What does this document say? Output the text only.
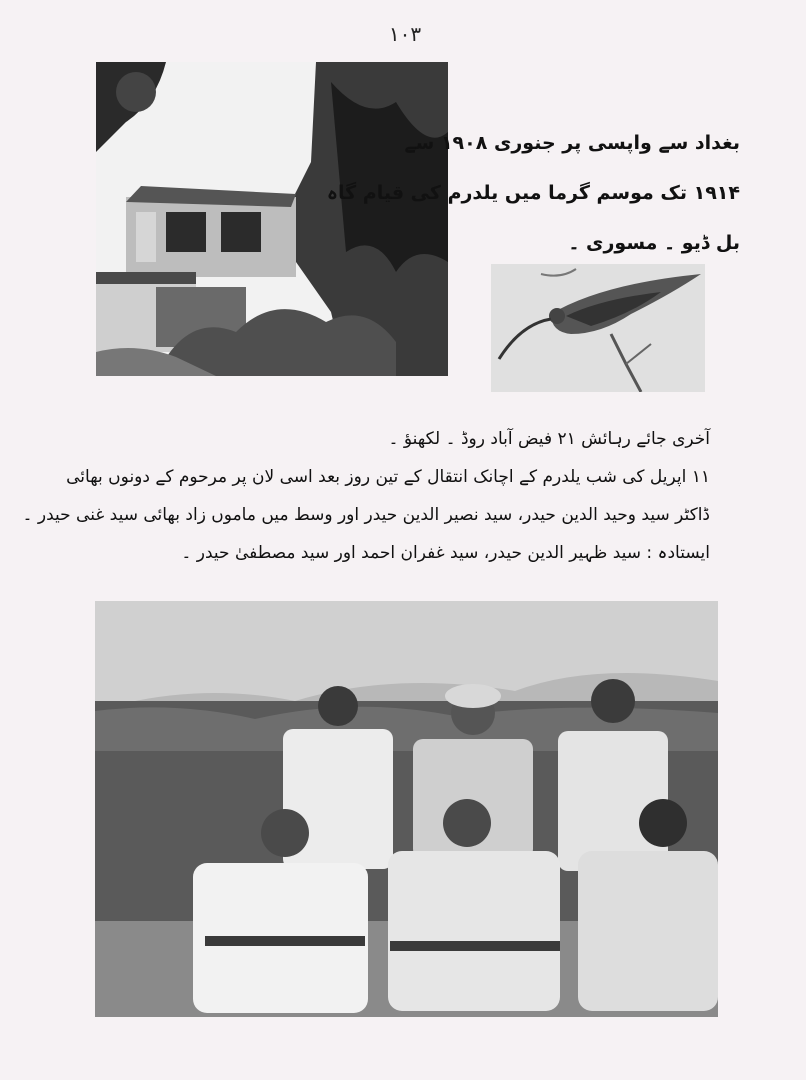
۱۰۳
بغداد سے واپسی پر جنوری ۱۹۰۸ سے
۱۹۱۴ تک موسم گرما میں یلدرم کی قیام گاہ
بل ڈیو ۔ مسوری ۔
آخری جائے رہائش ۲۱ فیض آباد روڈ ۔ لکھنؤ ۔
۱۱ اپریل کی شب یلدرم کے اچانک انتقال کے تین روز بعد اسی لان پر مرحوم کے دونوں بھائی
ڈاکٹر سید وحید الدین حیدر، سید نصیر الدین حیدر اور وسط میں ماموں زاد بھائی سید غنی حیدر ۔
ایستادہ : سید ظہیر الدین حیدر، سید غفران احمد اور سید مصطفیٰ حیدر ۔
